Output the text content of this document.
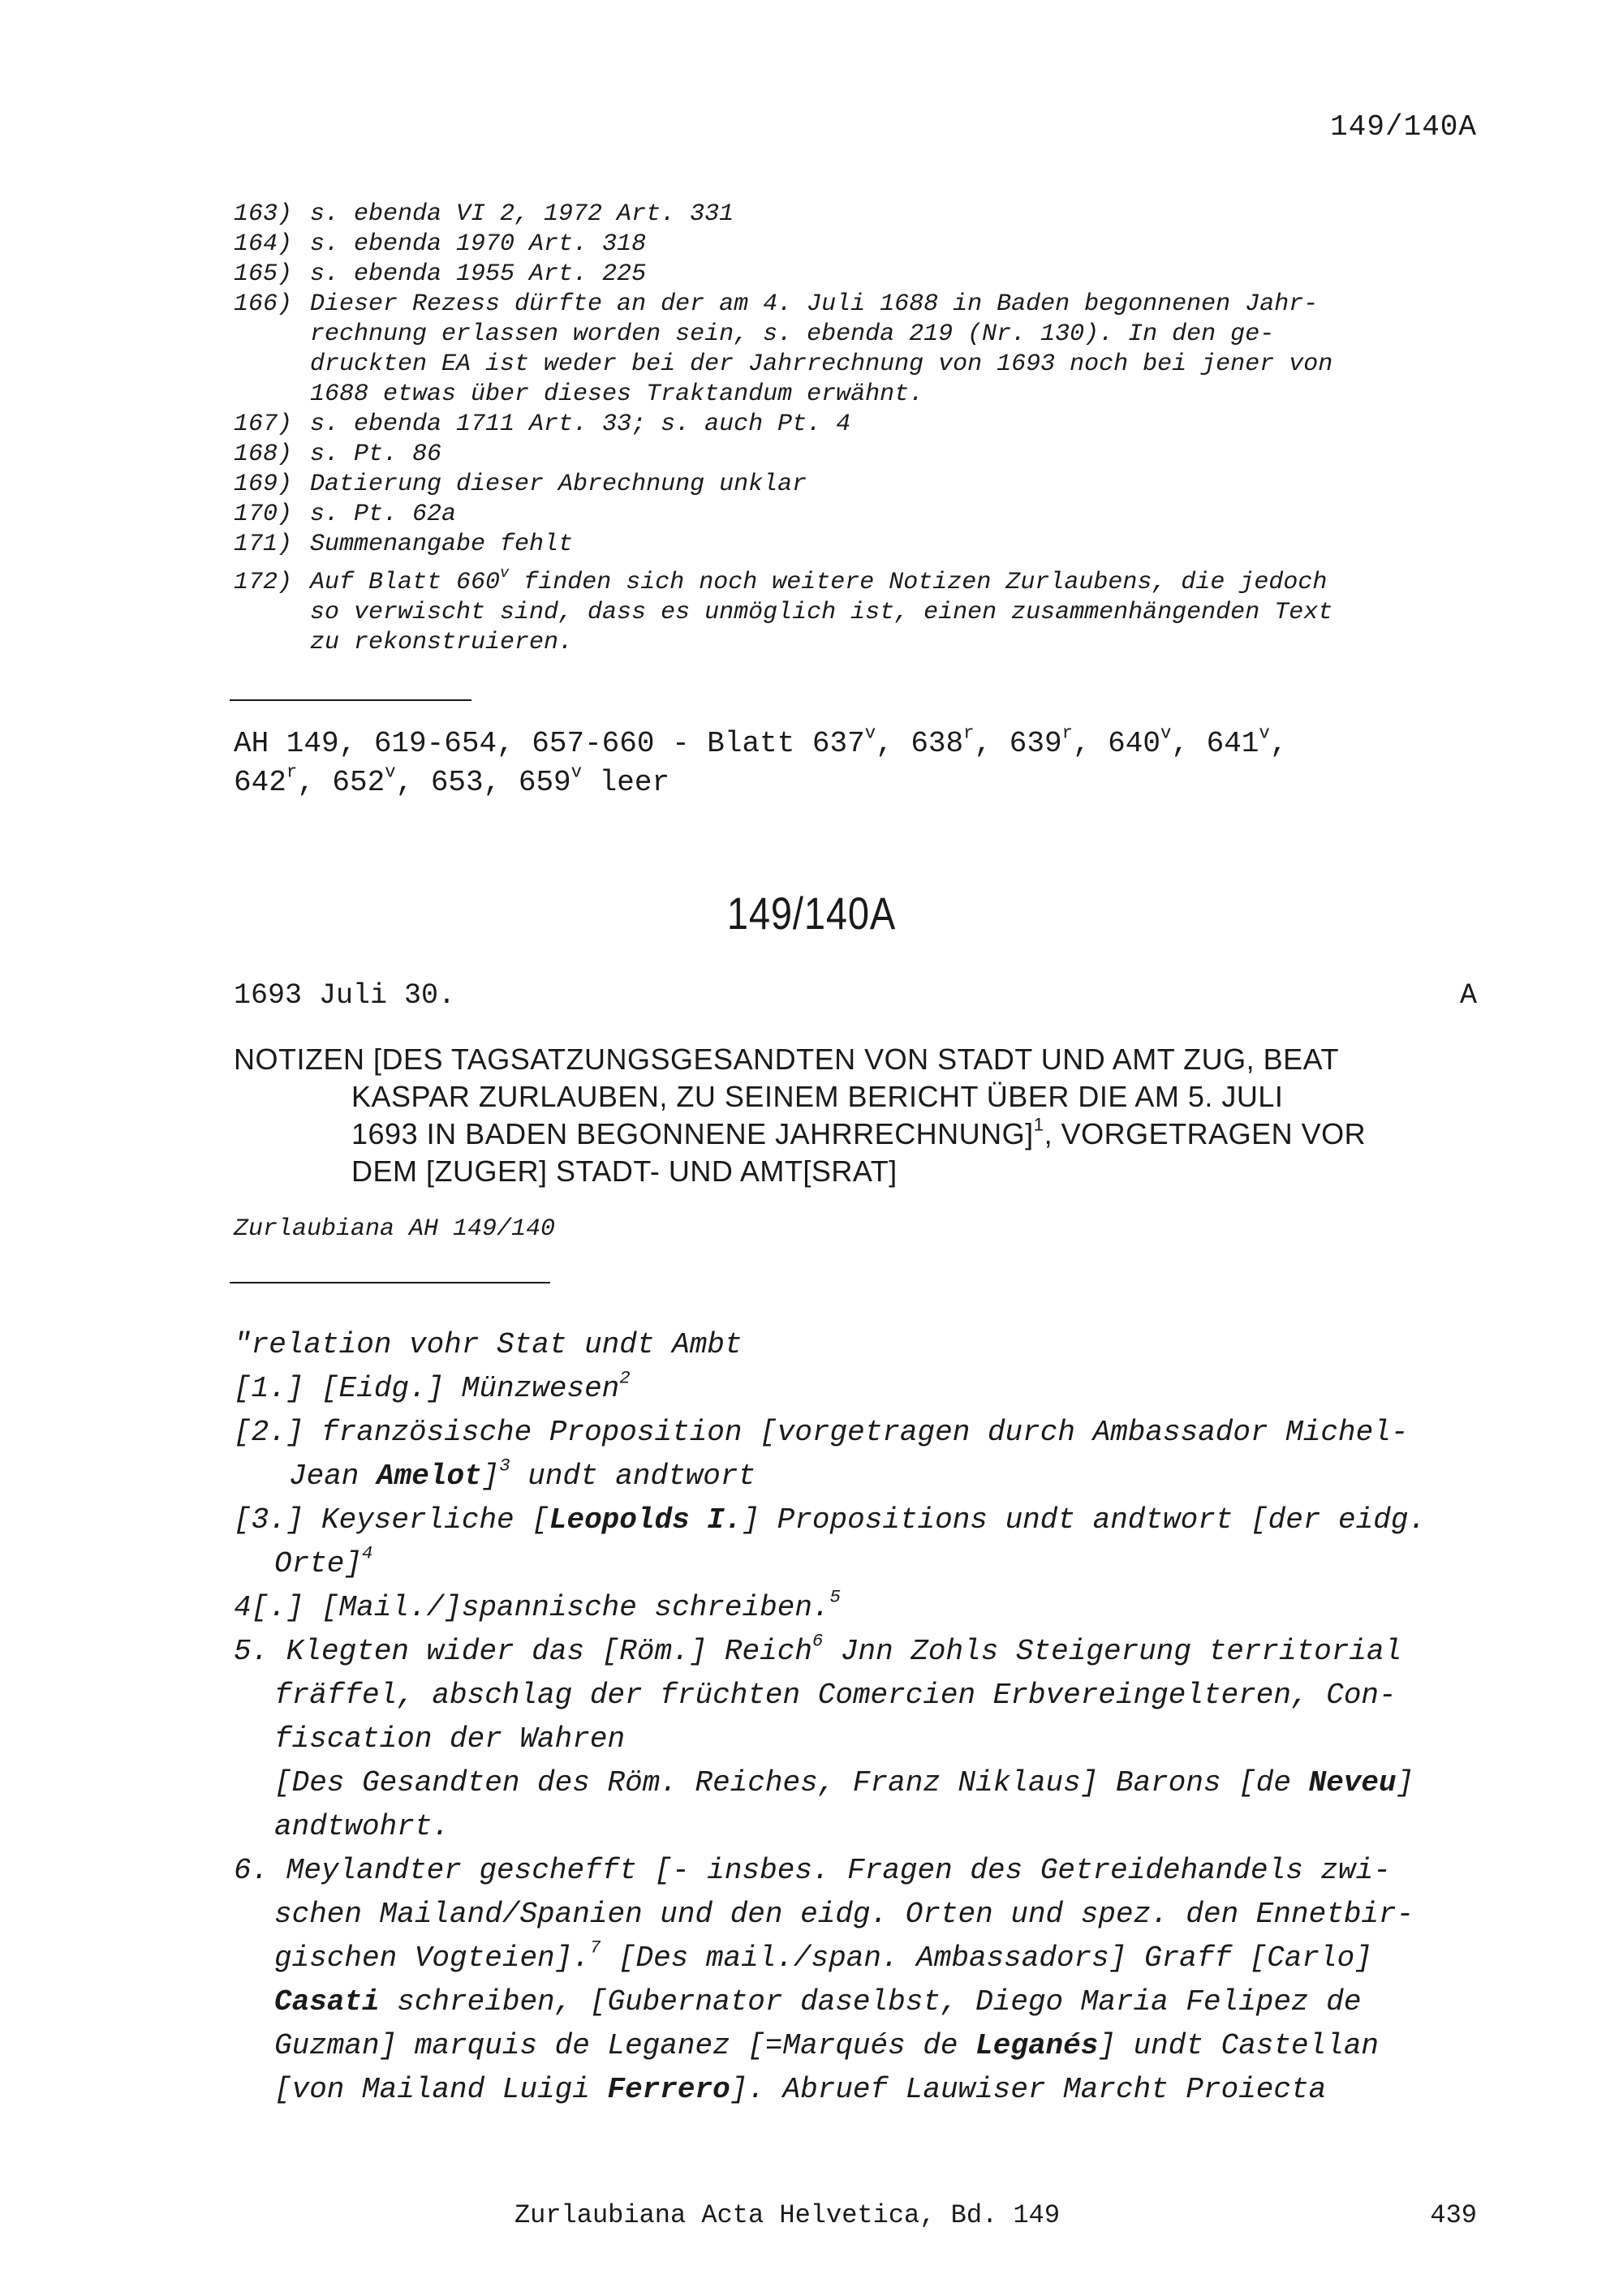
149/140A
163) s. ebenda VI 2, 1972 Art. 331
164) s. ebenda 1970 Art. 318
165) s. ebenda 1955 Art. 225
166) Dieser Rezess dürfte an der am 4. Juli 1688 in Baden begonnenen Jahr-
rechnung erlassen worden sein, s. ebenda 219 (Nr. 130). In den ge-
druckten EA ist weder bei der Jahrrechnung von 1693 noch bei jener von
1688 etwas über dieses Traktandum erwähnt.
167) s. ebenda 1711 Art. 33; s. auch Pt. 4
168) s. Pt. 86
169) Datierung dieser Abrechnung unklar
170) s. Pt. 62a
171) Summenangabe fehlt
172) Auf Blatt 660$^v$ finden sich noch weitere Notizen Zurlaubens, die jedoch
so verwischt sind, dass es unmöglich ist, einen zusammenhängenden Text
zu rekonstruieren.
AH 149, 619-654, 657-660 - Blatt 637$^v$, 638$^r$, 639$^r$, 640$^v$, 641$^v$,
642$^r$, 652$^v$, 653, 659$^v$ leer
149/140A
1693 Juli 30.	A
NOTIZEN [DES TAGSATZUNGSGESANDTEN VON STADT UND AMT ZUG, BEAT
KASPAR ZURLAUBEN, ZU SEINEM BERICHT ÜBER DIE AM 5. JULI
1693 IN BADEN BEGONNENE JAHRRECHNUNG]$^1$, VORGETRAGEN VOR
DEM [ZUGER] STADT- UND AMT[SRAT]
Zurlaubiana AH 149/140
"relation vohr Stat undt Ambt
[1.] [Eidg.] Münzwesen$^2$
[2.] französische Proposition [vorgetragen durch Ambassador Michel-
Jean Amelot]$^3$ undt andtwort
[3.] Keyserliche [Leopolds I.] Propositions undt andtwort [der eidg.
Orte]$^4$
4[.] [Mail./]spannische schreiben.$^5$
5. Klegten wider das [Röm.] Reich$^6$ Jnn Zohls Steigerung territorial
fräffel, abschlag der früchten Comercien Erbvereingelteren, Con-
fiscation der Wahren
[Des Gesandten des Röm. Reiches, Franz Niklaus] Barons [de Neveu]
andtwohrt.
6. Meylandter geschefft [- insbes. Fragen des Getreidehandels zwi-
schen Mailand/Spanien und den eidg. Orten und spez. den Ennetbir-
gischen Vogteien].$^7$ [Des mail./span. Ambassadors] Graff [Carlo]
Casati schreiben, [Gubernator daselbst, Diego Maria Felipez de
Guzman] marquis de Leganez [=Marqués de Leganés] undt Castellan
[von Mailand Luigi Ferrero]. Abruef Lauwiser Marcht Proiecta
Zurlaubiana Acta Helvetica, Bd. 149	439
